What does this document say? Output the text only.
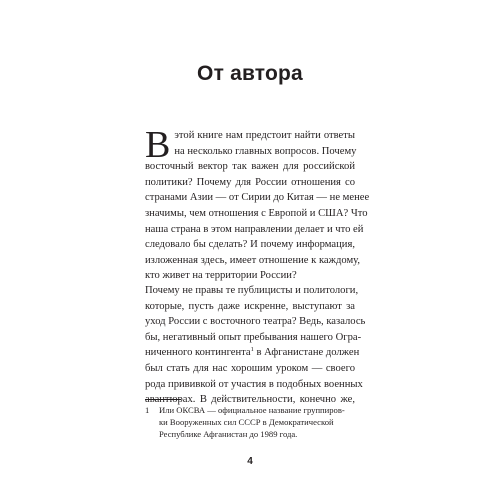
От автора
В этой книге нам предстоит найти ответы
на несколько главных вопросов. Почему
восточный вектор так важен для российской
политики? Почему для России отношения со
странами Азии — от Сирии до Китая — не менее
значимы, чем отношения с Европой и США? Что
наша страна в этом направлении делает и что ей
следовало бы сделать? И почему информация,
изложенная здесь, имеет отношение к каждому,
кто живет на территории России?
Почему не правы те публицисты и политологи,
которые, пусть даже искренне, выступают за
уход России с восточного театра? Ведь, казалось
бы, негативный опыт пребывания нашего Огра-
ниченного контингента$^1$ в Афганистане должен
был стать для нас хорошим уроком — своего
рода прививкой от участия в подобных военных
авантюрах. В действительности, конечно же,
1 Или ОКСВА — официальное название группиров-
ки Вооруженных сил СССР в Демократической
Республике Афганистан до 1989 года.
4
